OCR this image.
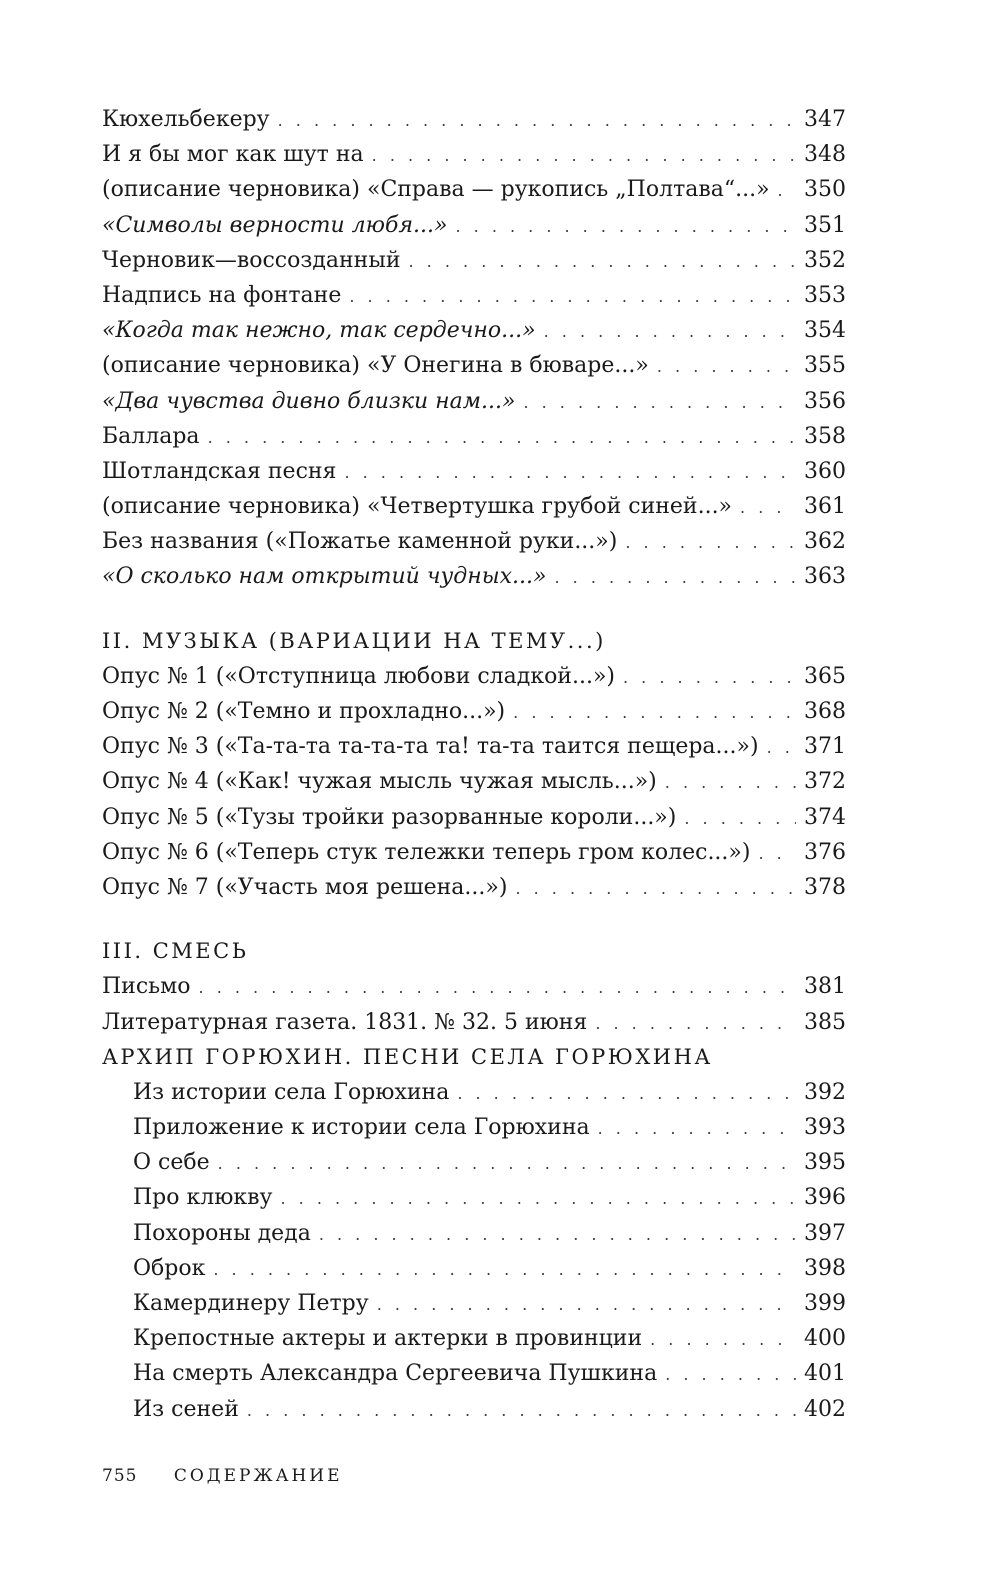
Кюхельбекеру . . .	347
И я бы мог как шут на . . .	348
(описание черновика) «Справа — рукопись „Полтава“...» . . . 350
«Символы верности любя...» . . .	351
Черновик—воссозданный . . .	352
Надпись на фонтане . . .	353
«Когда так нежно, так сердечно...» . . .	354
(описание черновика) «У Онегина в бюваре...» . . .	355
«Два чувства дивно близки нам...» . . .	356
Баллара . . .	358
Шотландская песня . . .	360
(описание черновика) «Четвертушка грубой синей...» . . .	361
Без названия («Пожатье каменной руки...») . . .	362
«О сколько нам открытий чудных...» . . .	363
II. МУЗЫКА (ВАРИАЦИИ НА ТЕМУ...)
Опус № 1 («Отступница любови сладкой...») . . .	365
Опус № 2 («Темно и прохладно...») . . .	368
Опус № 3 («Та-та-та та-та-та та! та-та таится пещера...») . . . 371
Опус № 4 («Как! чужая мысль чужая мысль...») . . .	372
Опус № 5 («Тузы тройки разорванные короли...») . . .	374
Опус № 6 («Теперь стук тележки теперь гром колес...») . . . 376
Опус № 7 («Участь моя решена...») . . .	378
III. СМЕСЬ
Письмо . . .	381
Литературная газета. 1831. № 32. 5 июня . . .	385
АРХИП ГОРЮХИН. ПЕСНИ СЕЛА ГОРЮХИНА
Из истории села Горюхина . . .	392
Приложение к истории села Горюхина . . .	393
О себе . . .	395
Про клюкву . . .	396
Похороны деда . . .	397
Оброк . . .	398
Камердинеру Петру . . .	399
Крепостные актеры и актерки в провинции . . .	400
На смерть Александра Сергеевича Пушкина . . .	401
Из сеней . . .	402
755 СОДЕРЖАНИЕ
